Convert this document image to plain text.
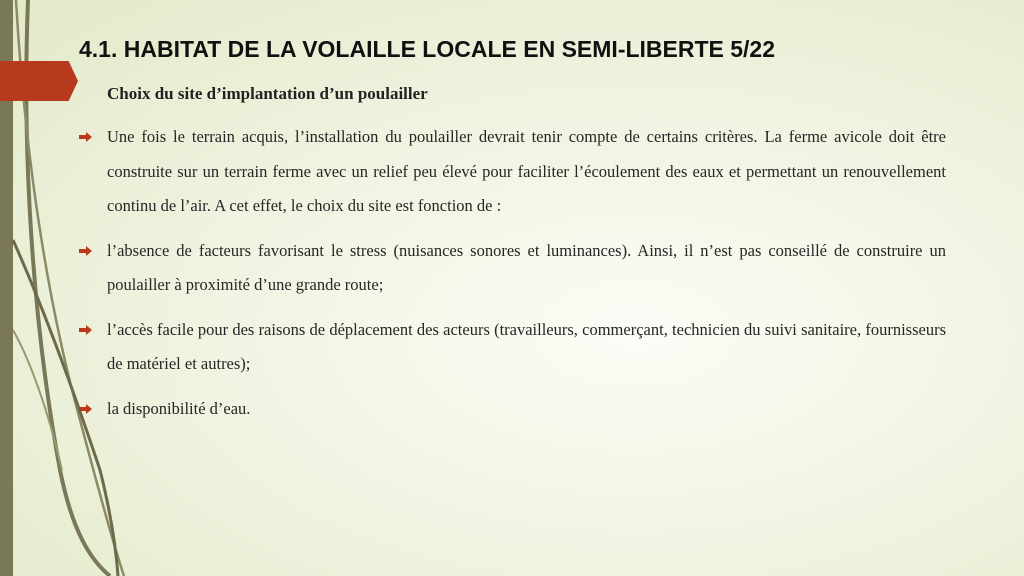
4.1. HABITAT DE LA VOLAILLE LOCALE EN SEMI-LIBERTE 5/22
Choix du site d’implantation d’un poulailler
Une fois le terrain acquis, l’installation du poulailler devrait tenir compte de certains critères. La ferme avicole doit être construite sur un terrain ferme avec un relief peu élevé pour faciliter l’écoulement des eaux et permettant un renouvellement continu de l’air. A cet effet, le choix du site est fonction de :
l’absence de facteurs favorisant le stress (nuisances sonores et luminances). Ainsi, il n’est pas conseillé de construire un poulailler à proximité d’une grande route;
l’accès facile pour des raisons de déplacement des acteurs (travailleurs, commerçant, technicien du suivi sanitaire, fournisseurs de matériel et autres);
la disponibilité d’eau.
